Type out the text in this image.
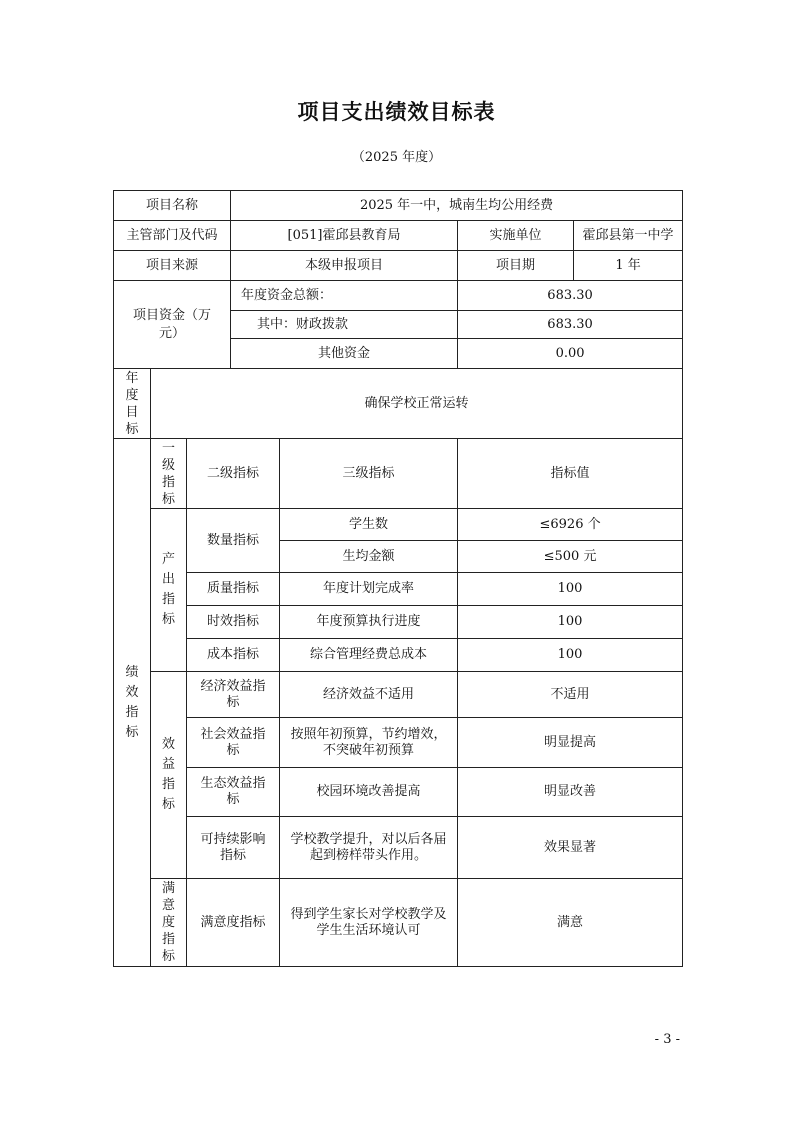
项目支出绩效目标表
（2025 年度）
项目名称			2025 年一中，城南生均公用经费			
主管部门及代码			[051]霍邱县教育局		实施单位	霍邱县第一中学
项目来源			本级申报项目		项目期	1 年

项目资金（万元）			年度资金总额：		683.30	
			其中：财政拨款		683.30	
			其他资金		0.00	

年度目标	确保学校正常运转					

绩效指标	一级指标	二级指标		三级指标	指标值	

	产出指标	数量指标		学生数	≤6926 个	
				生均金额	≤500 元	
		质量指标		年度计划完成率	100	
		时效指标		年度预算执行进度	100	
		成本指标		综合管理经费总成本	100	

	效益指标	经济效益指标		经济效益不适用	不适用	

		社会效益指标		按照年初预算，节约增效，不突破年初预算	明显提高	

		生态效益指标		校园环境改善提高	明显改善	

		可持续影响指标		学校教学提升，对以后各届起到榜样带头作用。	效果显著	

	满意度指标	满意度指标		得到学生家长对学校教学及学生生活环境认可	满意	
- 3 -
